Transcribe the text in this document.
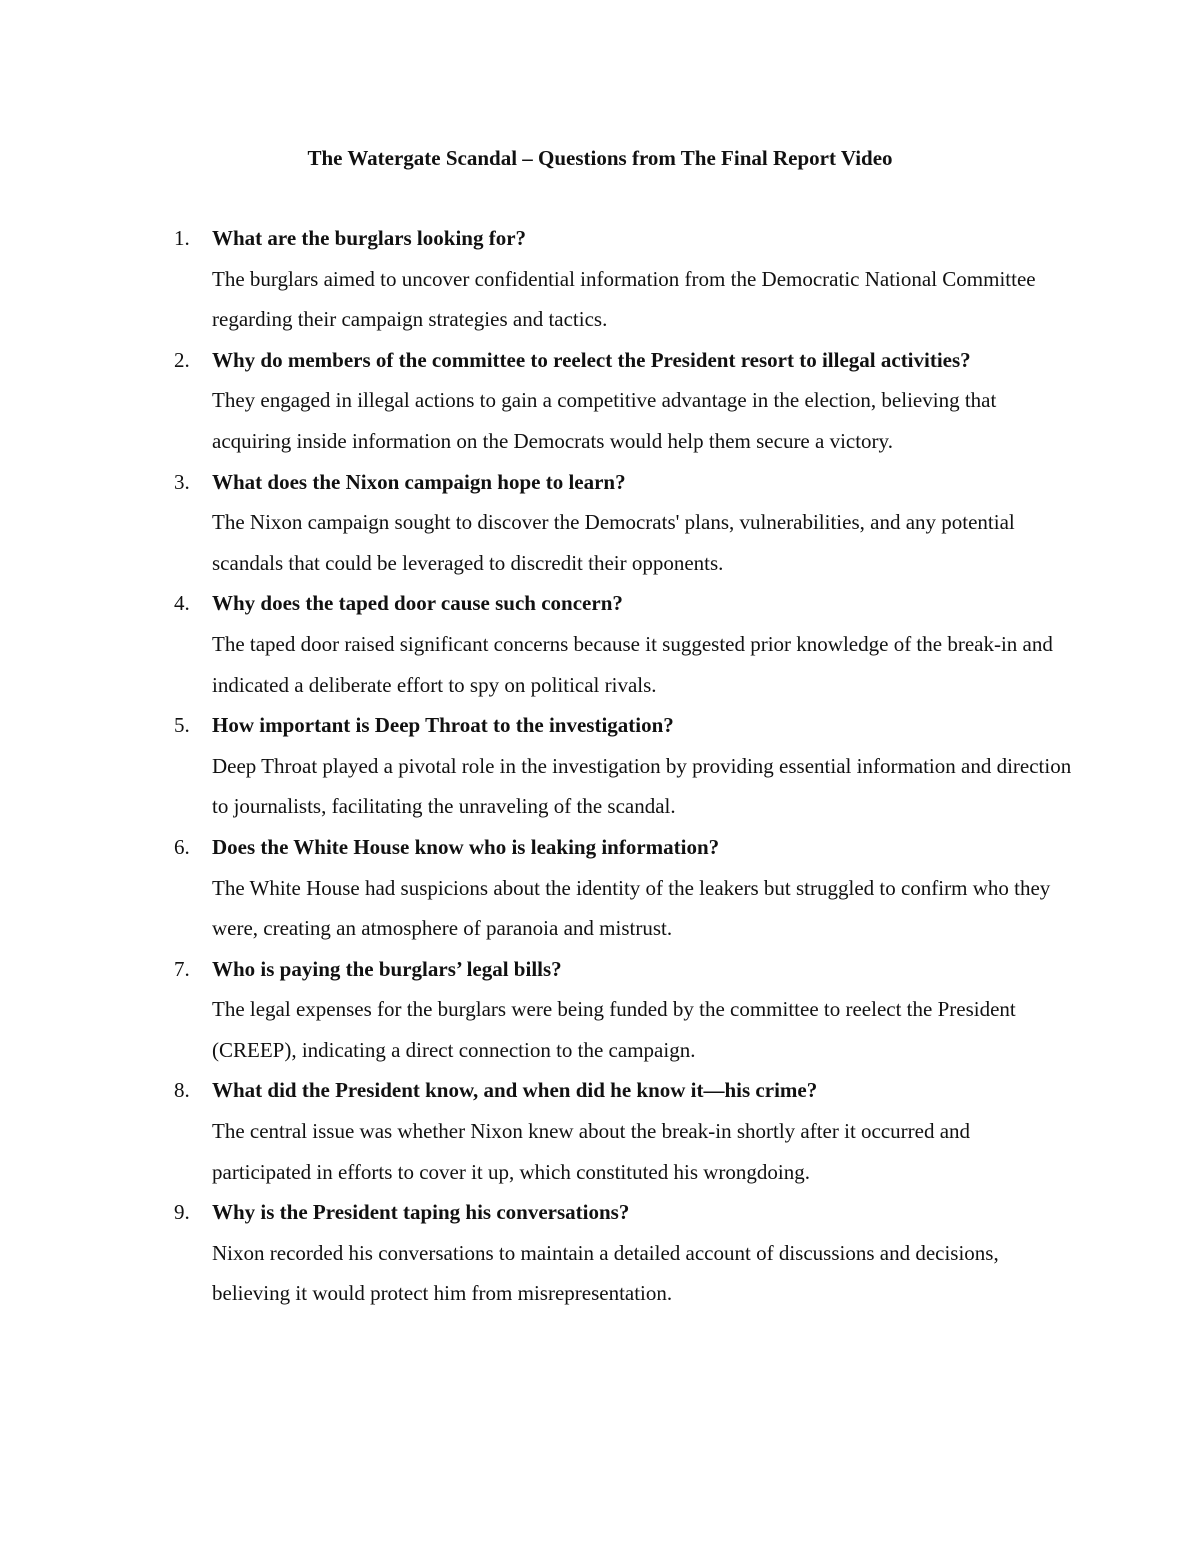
The Watergate Scandal – Questions from The Final Report Video
1.	What are the burglars looking for?
The burglars aimed to uncover confidential information from the Democratic National Committee regarding their campaign strategies and tactics.
2.	Why do members of the committee to reelect the President resort to illegal activities?
They engaged in illegal actions to gain a competitive advantage in the election, believing that acquiring inside information on the Democrats would help them secure a victory.
3.	What does the Nixon campaign hope to learn?
The Nixon campaign sought to discover the Democrats' plans, vulnerabilities, and any potential scandals that could be leveraged to discredit their opponents.
4.	Why does the taped door cause such concern?
The taped door raised significant concerns because it suggested prior knowledge of the break-in and indicated a deliberate effort to spy on political rivals.
5.	How important is Deep Throat to the investigation?
Deep Throat played a pivotal role in the investigation by providing essential information and direction to journalists, facilitating the unraveling of the scandal.
6.	Does the White House know who is leaking information?
The White House had suspicions about the identity of the leakers but struggled to confirm who they were, creating an atmosphere of paranoia and mistrust.
7.	Who is paying the burglars’ legal bills?
The legal expenses for the burglars were being funded by the committee to reelect the President (CREEP), indicating a direct connection to the campaign.
8.	What did the President know, and when did he know it—his crime?
The central issue was whether Nixon knew about the break-in shortly after it occurred and participated in efforts to cover it up, which constituted his wrongdoing.
9.	Why is the President taping his conversations?
Nixon recorded his conversations to maintain a detailed account of discussions and decisions, believing it would protect him from misrepresentation.
